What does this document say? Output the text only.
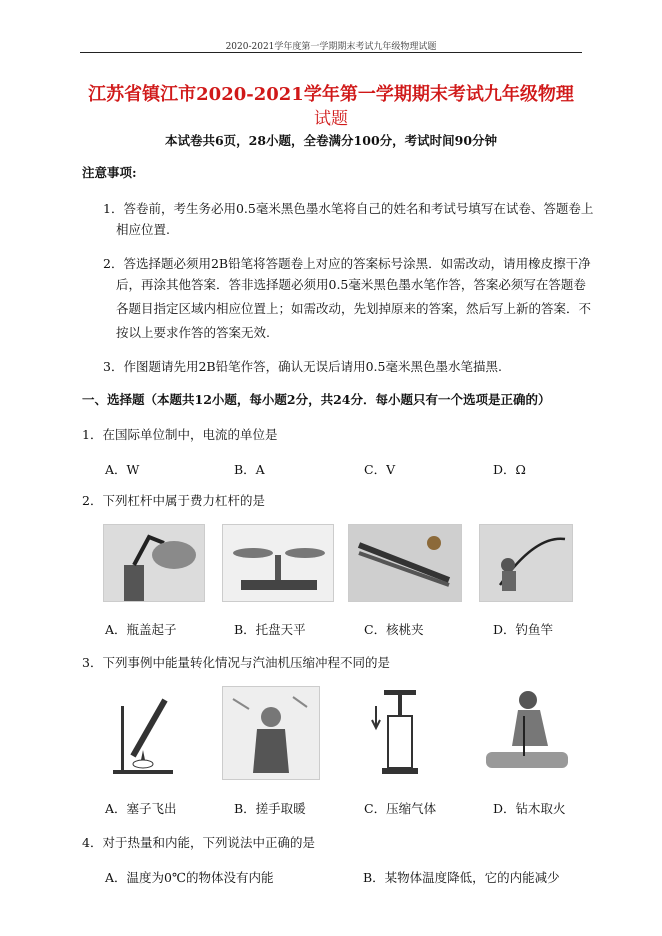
2020-2021学年度第一学期期末考试九年级物理试题
江苏省镇江市2020-2021学年第一学期期末考试九年级物理
试题
本试卷共6页，28小题，全卷满分100分，考试时间90分钟
注意事项:
1．答卷前，考生务必用0.5毫米黑色墨水笔将自己的姓名和考试号填写在试卷、答题卷上
相应位置.
2．答选择题必须用2B铅笔将答题卷上对应的答案标号涂黑．如需改动，请用橡皮擦干净
后，再涂其他答案．答非选择题必须用0.5毫米黑色墨水笔作答，答案必须写在答题卷
各题目指定区域内相应位置上；如需改动，先划掉原来的答案，然后写上新的答案．不
按以上要求作答的答案无效.
3．作图题请先用2B铅笔作答，确认无误后请用0.5毫米黑色墨水笔描黑.
一、选择题（本题共12小题，每小题2分，共24分．每小题只有一个选项是正确的）
1．在国际单位制中，电流的单位是
A．W	B．A	C．V	D．Ω
2．下列杠杆中属于费力杠杆的是
A．瓶盖起子	B．托盘天平	C．核桃夹	D．钓鱼竿
3．下列事例中能量转化情况与汽油机压缩冲程不同的是
A．塞子飞出	B．搓手取暖	C．压缩气体	D．钻木取火
4．对于热量和内能，下列说法中正确的是
A．温度为0℃的物体没有内能	B．某物体温度降低，它的内能减少
